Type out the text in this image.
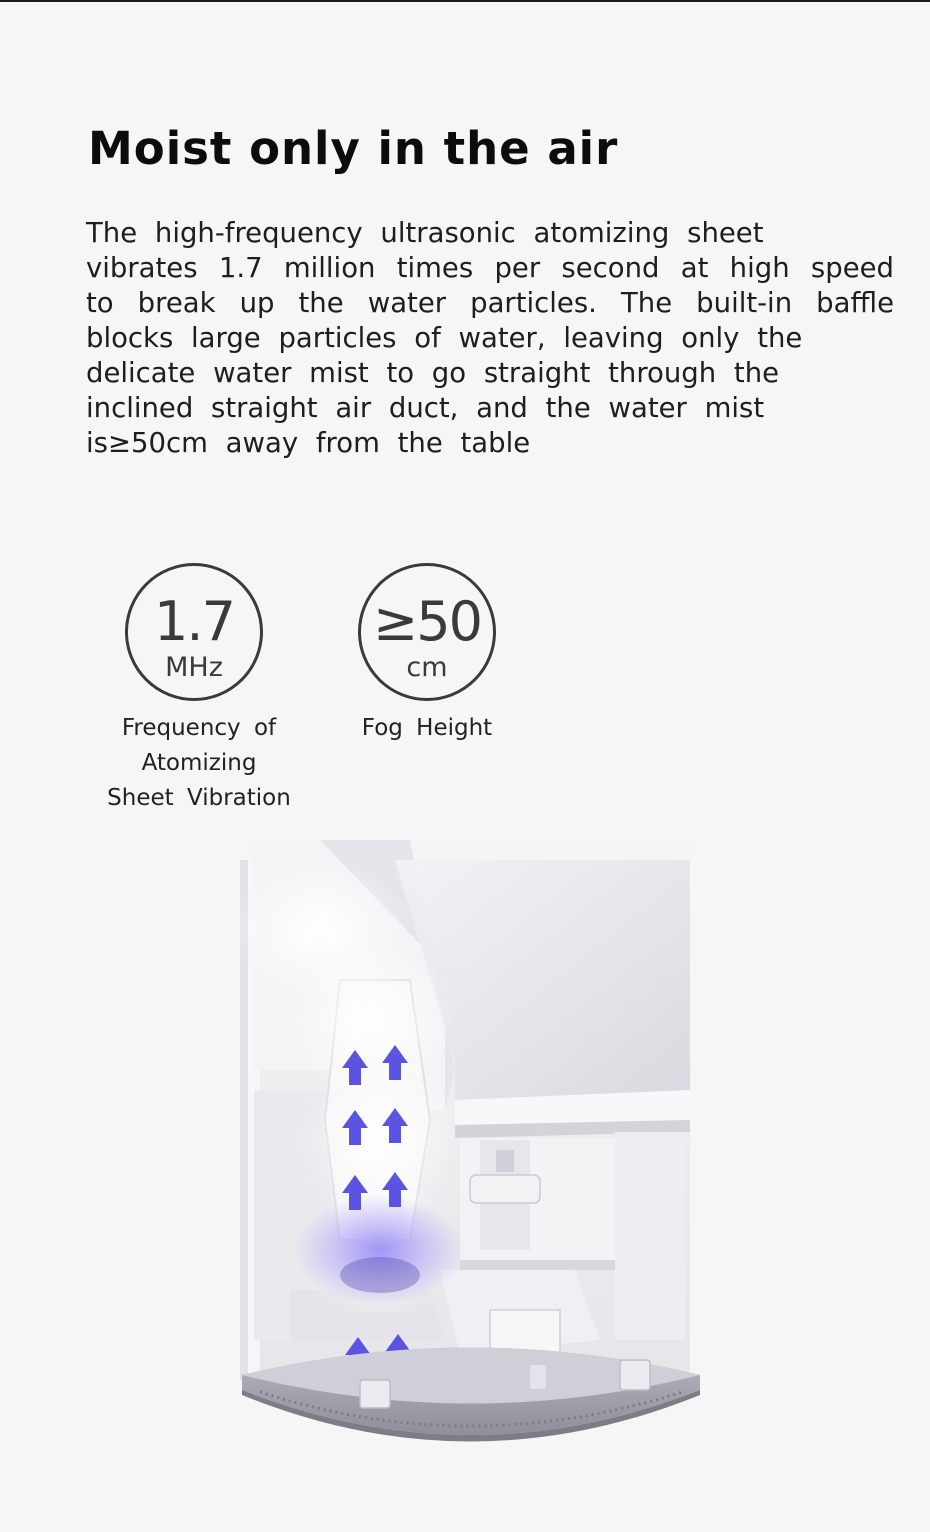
Moist only in the air

The high-frequency ultrasonic atomizing sheet
vibrates 1.7 million times per second at high speed
to break up the water particles. The built-in baffle
blocks large particles of water, leaving only the
delicate water mist to go straight through the
inclined straight air duct, and the water mist
is≥50cm away from the table

1.7
MHz
Frequency of
Atomizing
Sheet Vibration
≥50
cm
Fog Height
